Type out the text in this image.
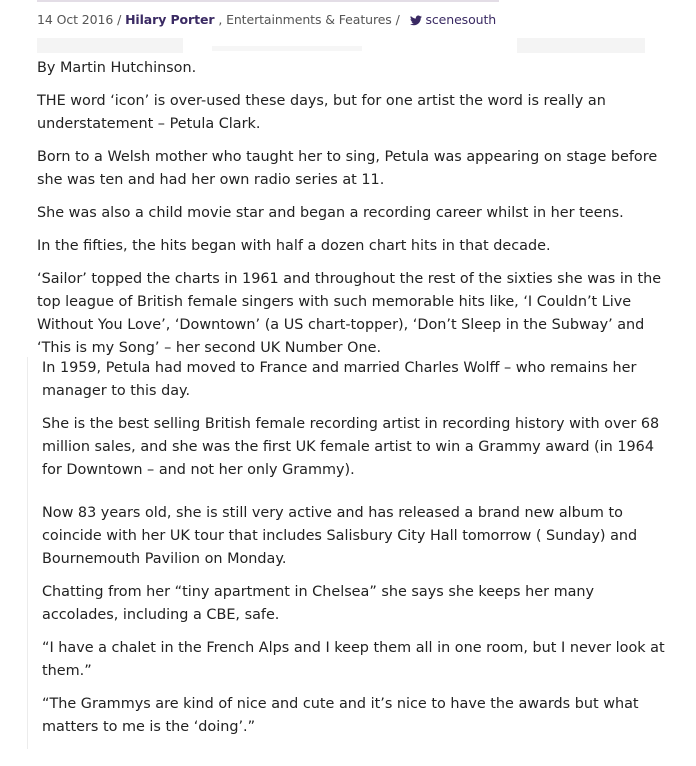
14 Oct 2016 / Hilary Porter , Entertainments & Features /  scenesouth

By Martin Hutchinson.

THE word ‘icon’ is over-used these days, but for one artist the word is really an understatement – Petula Clark.

Born to a Welsh mother who taught her to sing, Petula was appearing on stage before she was ten and had her own radio series at 11.

She was also a child movie star and began a recording career whilst in her teens.

In the fifties, the hits began with half a dozen chart hits in that decade.

‘Sailor’ topped the charts in 1961 and throughout the rest of the sixties she was in the top league of British female singers with such memorable hits like, ‘I Couldn’t Live Without You Love’, ‘Downtown’ (a US chart-topper), ‘Don’t Sleep in the Subway’ and ‘This is my Song’ – her second UK Number One.

In 1959, Petula had moved to France and married Charles Wolff – who remains her manager to this day.

She is the best selling British female recording artist in recording history with over 68 million sales, and she was the first UK female artist to win a Grammy award (in 1964 for Downtown – and not her only Grammy).

Now 83 years old, she is still very active and has released a brand new album to coincide with her UK tour that includes Salisbury City Hall tomorrow ( Sunday) and Bournemouth Pavilion on Monday.

Chatting from her “tiny apartment in Chelsea” she says she keeps her many accolades, including a CBE, safe.

“I have a chalet in the French Alps and I keep them all in one room, but I never look at them.”

“The Grammys are kind of nice and cute and it’s nice to have the awards but what matters to me is the ‘doing’.”
